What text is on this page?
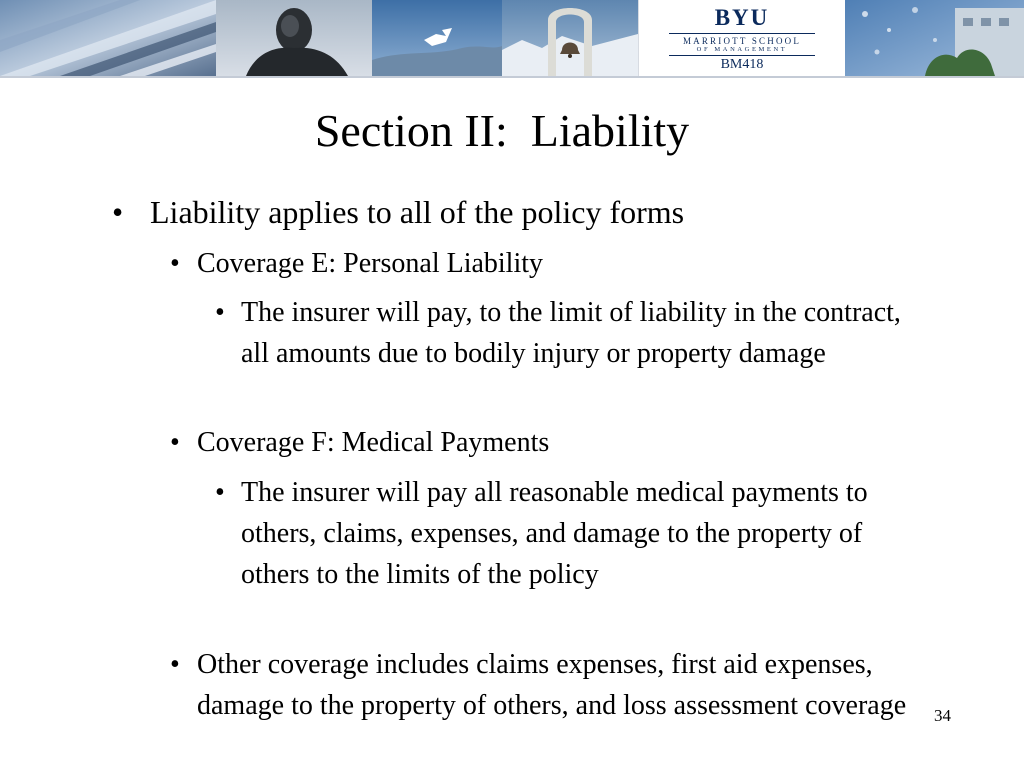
BYU
MARRIOTT SCHOOL
OF MANAGEMENT
BM418
Section II:  Liability
• Liability applies to all of the policy forms
• Coverage E: Personal Liability
• The insurer will pay, to the limit of liability in the contract, all amounts due to bodily injury or property damage
• Coverage F: Medical Payments
• The insurer will pay all reasonable medical payments to others, claims, expenses, and damage to the property of others to the limits of the policy
• Other coverage includes claims expenses, first aid expenses, damage to the property of others, and loss assessment coverage	34
